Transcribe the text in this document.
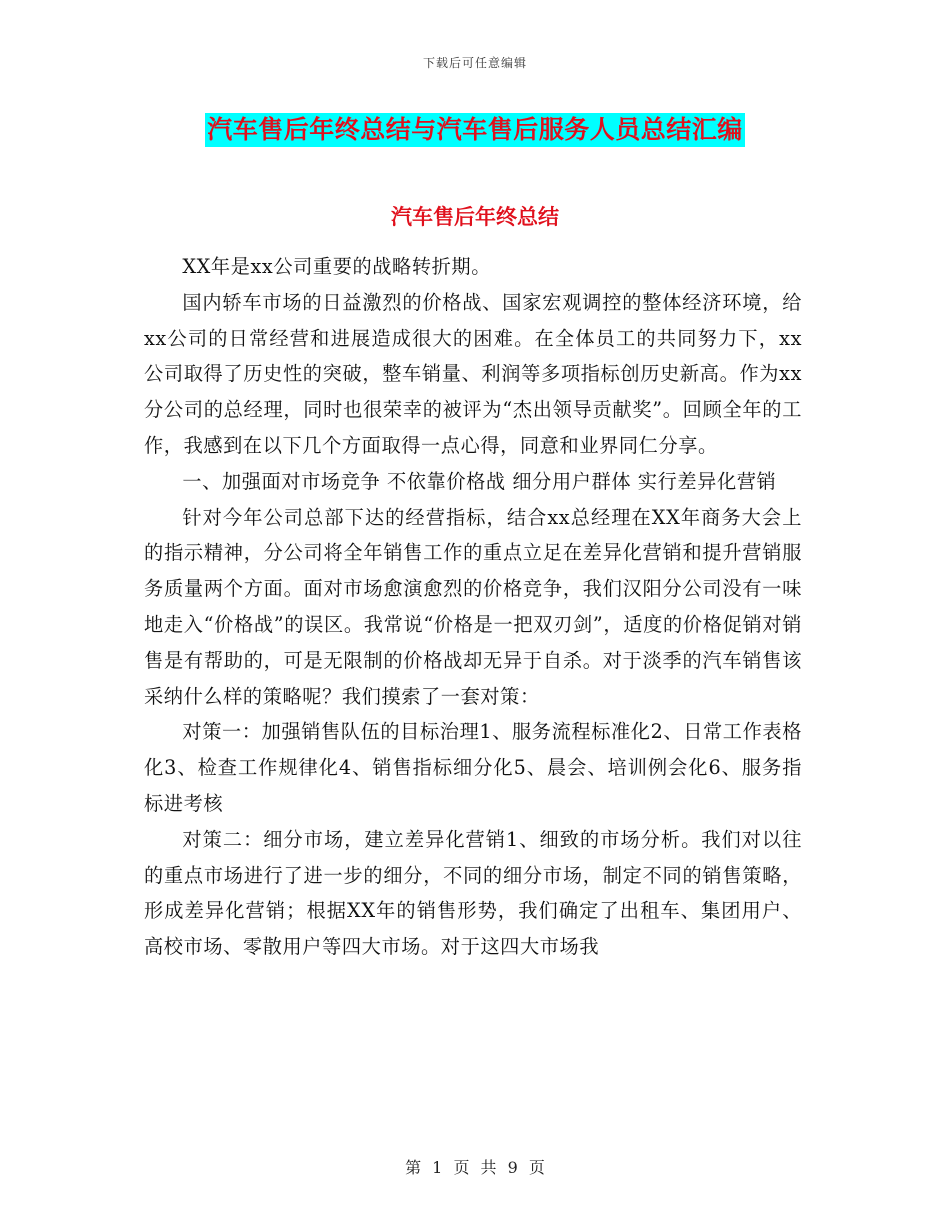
下载后可任意编辑
汽车售后年终总结与汽车售后服务人员总结汇编
汽车售后年终总结

XX年是xx公司重要的战略转折期。

国内轿车市场的日益激烈的价格战、国家宏观调控的整体经济环境，给xx公司的日常经营和进展造成很大的困难。在全体员工的共同努力下，xx公司取得了历史性的突破，整车销量、利润等多项指标创历史新高。作为xx分公司的总经理，同时也很荣幸的被评为“杰出领导贡献奖”。回顾全年的工作，我感到在以下几个方面取得一点心得，同意和业界同仁分享。

一、加强面对市场竞争 不依靠价格战 细分用户群体 实行差异化营销

针对今年公司总部下达的经营指标，结合xx总经理在XX年商务大会上的指示精神，分公司将全年销售工作的重点立足在差异化营销和提升营销服务质量两个方面。面对市场愈演愈烈的价格竞争，我们汉阳分公司没有一味地走入“价格战”的误区。我常说“价格是一把双刃剑”，适度的价格促销对销售是有帮助的，可是无限制的价格战却无异于自杀。对于淡季的汽车销售该采纳什么样的策略呢？我们摸索了一套对策：

对策一：加强销售队伍的目标治理1、服务流程标准化2、日常工作表格化3、检查工作规律化4、销售指标细分化5、晨会、培训例会化6、服务指标进考核

对策二：细分市场，建立差异化营销1、细致的市场分析。我们对以往的重点市场进行了进一步的细分，不同的细分市场，制定不同的销售策略，形成差异化营销；根据XX年的销售形势，我们确定了出租车、集团用户、高校市场、零散用户等四大市场。对于这四大市场我

第 1 页 共 9 页
